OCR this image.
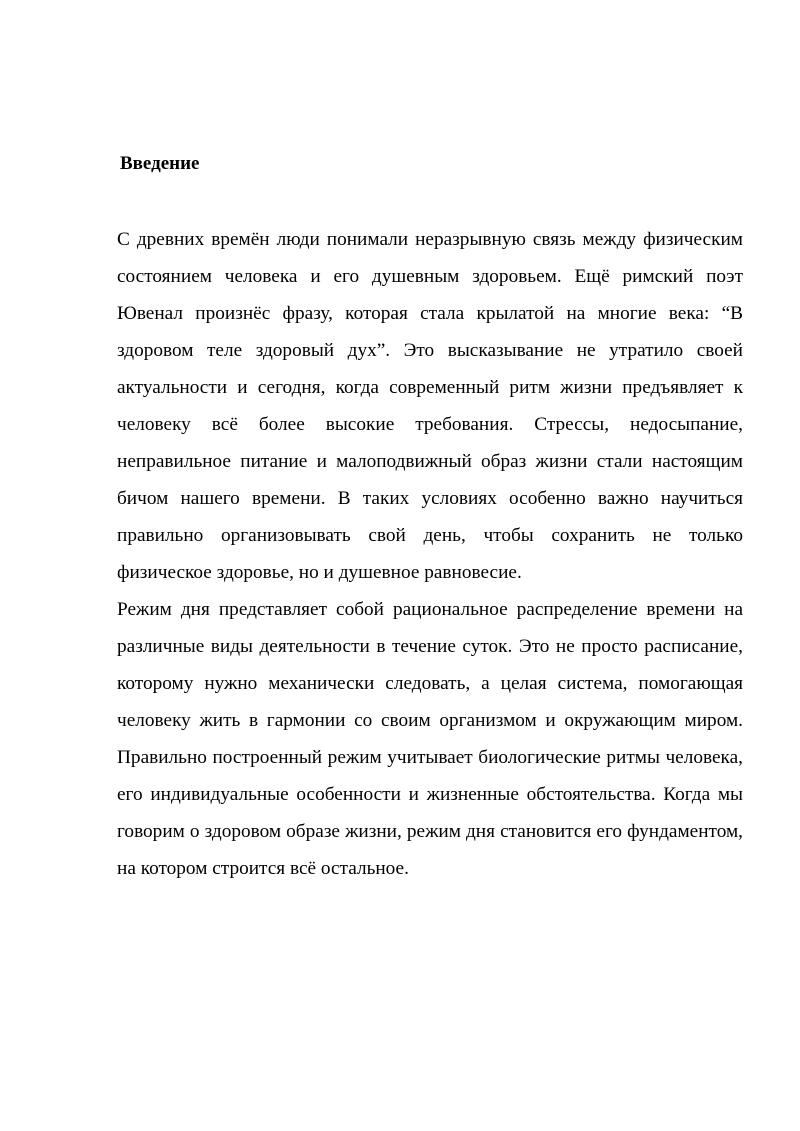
Введение

С древних времён люди понимали неразрывную связь между физическим состоянием человека и его душевным здоровьем. Ещё римский поэт Ювенал произнёс фразу, которая стала крылатой на многие века: “В здоровом теле здоровый дух”. Это высказывание не утратило своей актуальности и сегодня, когда современный ритм жизни предъявляет к человеку всё более высокие требования. Стрессы, недосыпание, неправильное питание и малоподвижный образ жизни стали настоящим бичом нашего времени. В таких условиях особенно важно научиться правильно организовывать свой день, чтобы сохранить не только физическое здоровье, но и душевное равновесие.

Режим дня представляет собой рациональное распределение времени на различные виды деятельности в течение суток. Это не просто расписание, которому нужно механически следовать, а целая система, помогающая человеку жить в гармонии со своим организмом и окружающим миром. Правильно построенный режим учитывает биологические ритмы человека, его индивидуальные особенности и жизненные обстоятельства. Когда мы говорим о здоровом образе жизни, режим дня становится его фундаментом, на котором строится всё остальное.
